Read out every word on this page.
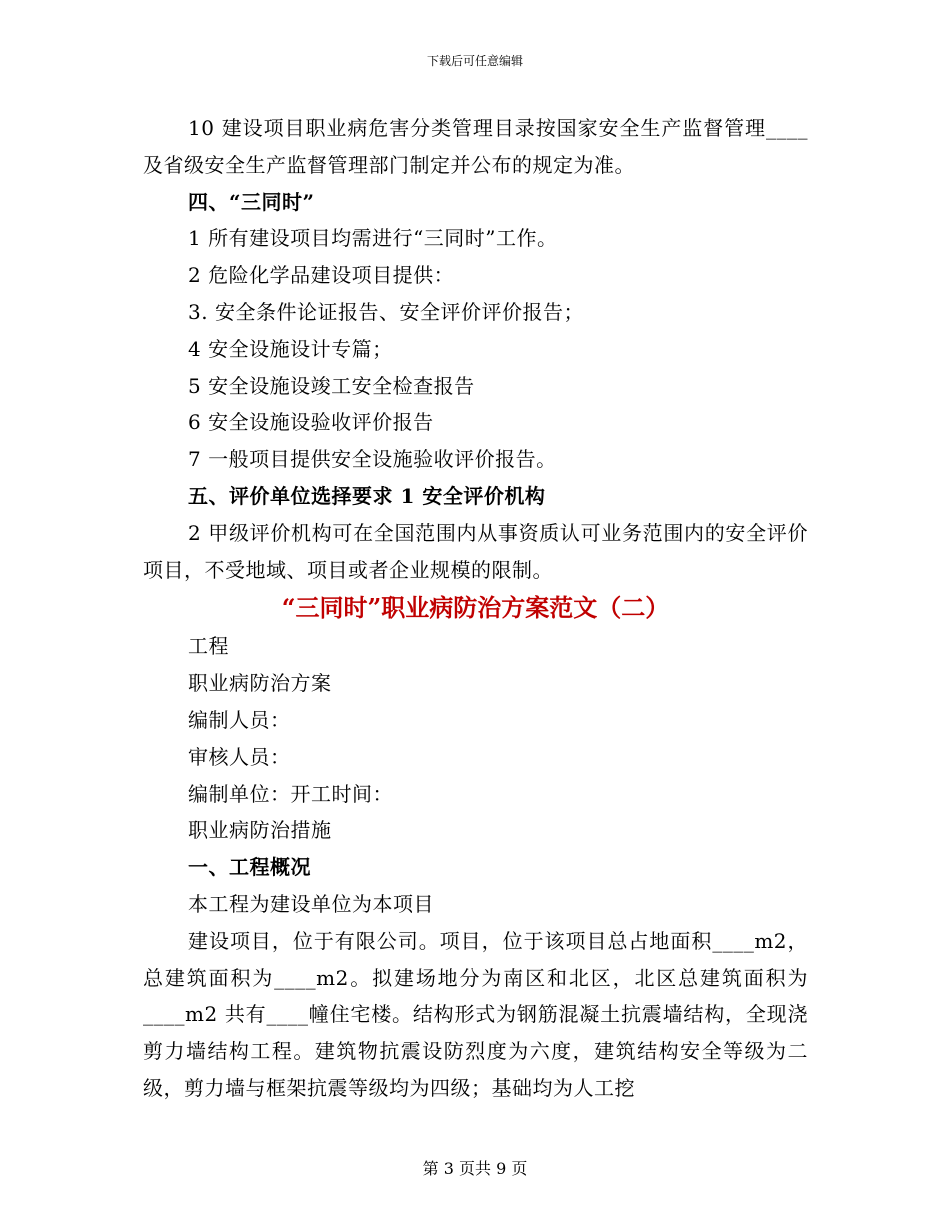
下载后可任意编辑

10 建设项目职业病危害分类管理目录按国家安全生产监督管理____及省级安全生产监督管理部门制定并公布的规定为准。

四、“三同时”

1 所有建设项目均需进行“三同时”工作。

2 危险化学品建设项目提供：

3. 安全条件论证报告、安全评价评价报告；

4 安全设施设计专篇；

5 安全设施设竣工安全检查报告

6 安全设施设验收评价报告

7 一般项目提供安全设施验收评价报告。

五、评价单位选择要求 1 安全评价机构

2 甲级评价机构可在全国范围内从事资质认可业务范围内的安全评价项目，不受地域、项目或者企业规模的限制。

“三同时”职业病防治方案范文（二）

工程

职业病防治方案

编制人员：

审核人员：

编制单位：开工时间：

职业病防治措施

一、工程概况

本工程为建设单位为本项目

建设项目，位于有限公司。项目，位于该项目总占地面积____m2，总建筑面积为____m2。拟建场地分为南区和北区，北区总建筑面积为____m2 共有____幢住宅楼。结构形式为钢筋混凝土抗震墙结构，全现浇剪力墙结构工程。建筑物抗震设防烈度为六度，建筑结构安全等级为二级，剪力墙与框架抗震等级均为四级；基础均为人工挖

第 3 页共 9 页
